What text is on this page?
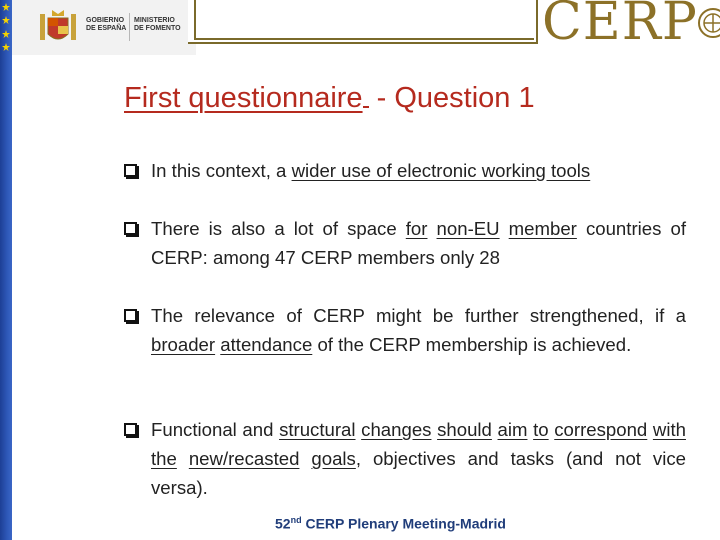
GOBIERNO
DE ESPAÑA
MINISTERIO
DE FOMENTO	CERP
First questionnaire - Question 1
In this context, a wider use of electronic working tools
There is also a lot of space for non-EU member countries of CERP: among 47 CERP members only 28
The relevance of CERP might be further strengthened, if a broader attendance of the CERP membership is achieved.
Functional and structural changes should aim to correspond with the new/recasted goals, objectives and tasks (and not vice versa).
52nd CERP Plenary Meeting-Madrid
